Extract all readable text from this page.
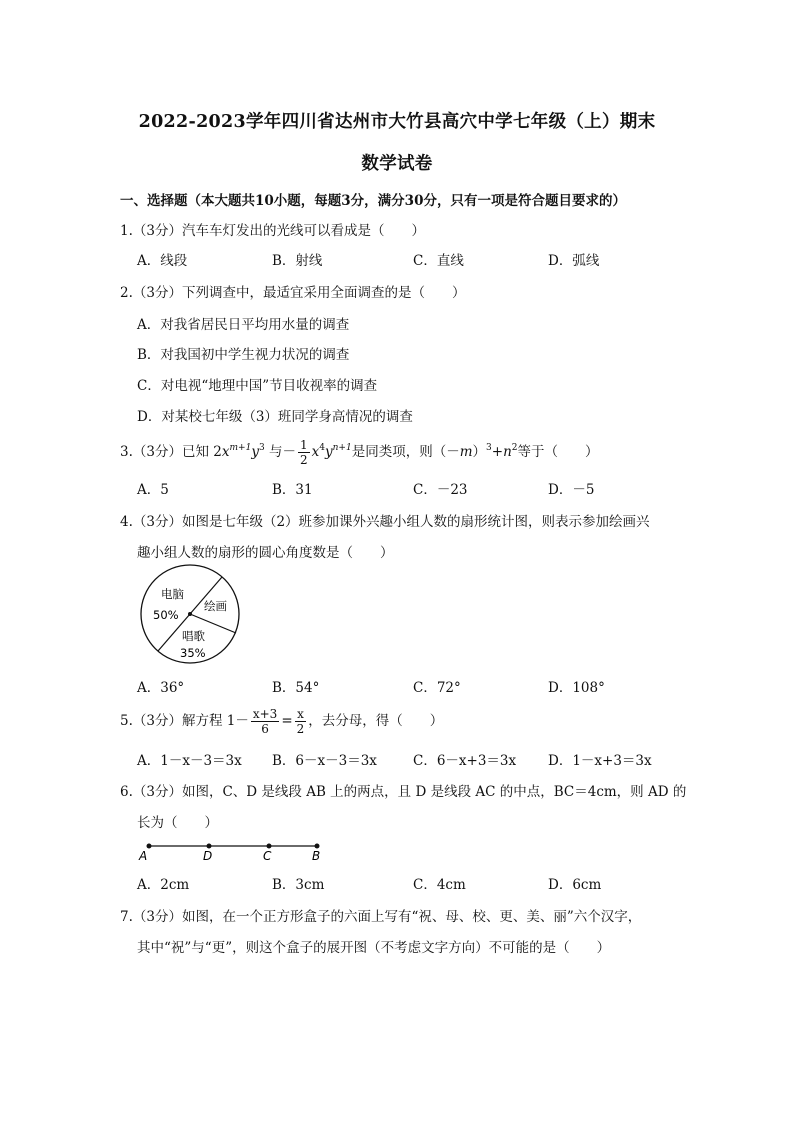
2022-2023学年四川省达州市大竹县高穴中学七年级（上）期末
数学试卷
一、选择题（本大题共10小题，每题3分，满分30分，只有一项是符合题目要求的）
1.（3分）汽车车灯发出的光线可以看成是（　　）
A．线段	B．射线	C．直线	D．弧线
2.（3分）下列调查中，最适宜采用全面调查的是（　　）
A．对我省居民日平均用水量的调查
B．对我国初中学生视力状况的调查
C．对电视“地理中国”节目收视率的调查
D．对某校七年级（3）班同学身高情况的调查
3.（3分）已知 $2x^{m+1}y^3$ 与－ $\frac{1}{2} x^4y^{n+1}$是同类项，则$(-m)^3+n^2$等于（　　）
A．5	B．31	C．－23	D．－5
4.（3分）如图是七年级（2）班参加课外兴趣小组人数的扇形统计图，则表示参加绘画兴
趣小组人数的扇形的圆心角度数是（　　）
电脑
50%
绘画
唱歌
35%
A．36°	B．54°	C．72°	D．108°
5.（3分）解方程 $1- \frac{x+3}{6} = \frac{x}{2}$ ，去分母，得（　　）
A．1－x－3＝3x B．6－x－3＝3x	C．6－x+3＝3x D．1－x+3＝3x
6.（3分）如图，C、D 是线段 AB 上的两点，且 D 是线段 AC 的中点，BC＝4cm，则 AD 的
长为（　　）
A	D	C	B
A．2cm	B．3cm	C．4cm	D．6cm
7.（3分）如图，在一个正方形盒子的六面上写有“祝、母、校、更、美、丽”六个汉字，
其中“祝”与“更”，则这个盒子的展开图（不考虑文字方向）不可能的是（　　）
